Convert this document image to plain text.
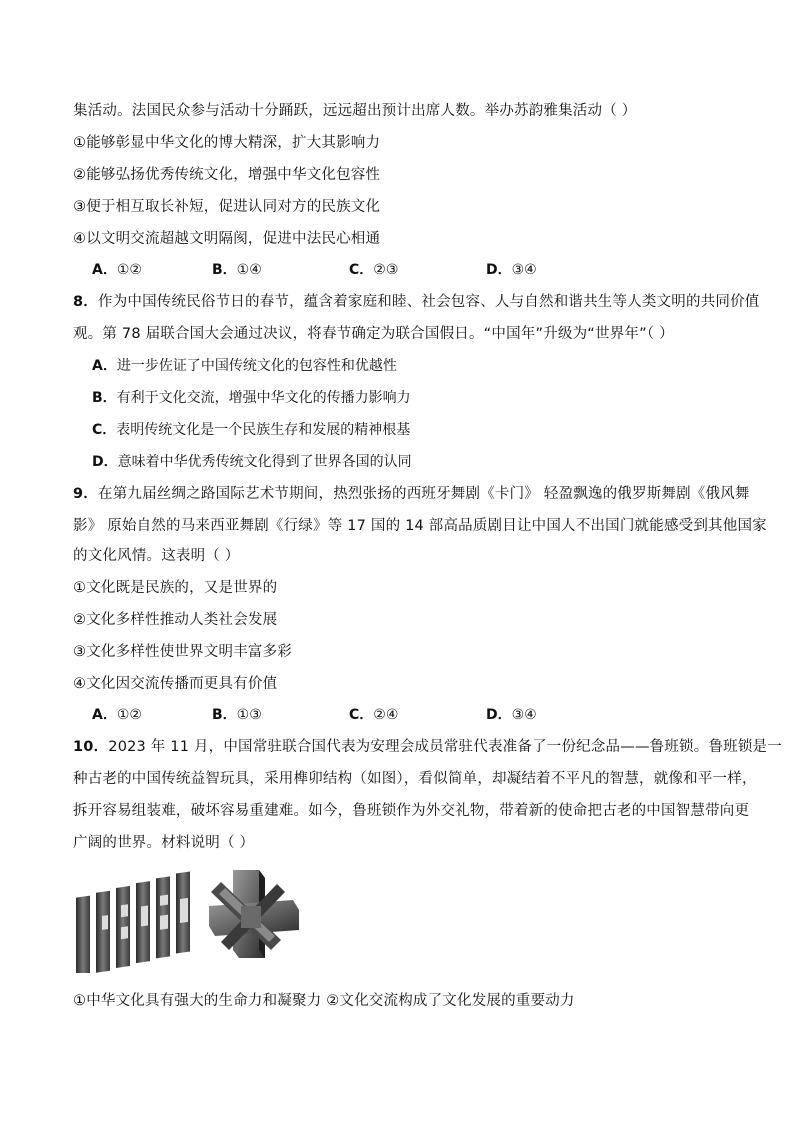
集活动。法国民众参与活动十分踊跃，远远超出预计出席人数。举办苏韵雅集活动（ ）
①能够彰显中华文化的博大精深，扩大其影响力
②能够弘扬优秀传统文化，增强中华文化包容性
③便于相互取长补短，促进认同对方的民族文化
④以文明交流超越文明隔阂，促进中法民心相通
A．①②	B．①④	C．②③	D．③④
8．作为中国传统民俗节日的春节，蕴含着家庭和睦、社会包容、人与自然和谐共生等人类文明的共同价值
观。第 78 届联合国大会通过决议，将春节确定为联合国假日。“中国年”升级为“世界年”（ ）
A．进一步佐证了中国传统文化的包容性和优越性
B．有利于文化交流，增强中华文化的传播力影响力
C．表明传统文化是一个民族生存和发展的精神根基
D．意味着中华优秀传统文化得到了世界各国的认同
9．在第九届丝绸之路国际艺术节期间，热烈张扬的西班牙舞剧《卡门》 轻盈飘逸的俄罗斯舞剧《俄风舞
影》 原始自然的马来西亚舞剧《行绿》等 17 国的 14 部高品质剧目让中国人不出国门就能感受到其他国家
的文化风情。这表明（ ）
①文化既是民族的，又是世界的
②文化多样性推动人类社会发展
③文化多样性使世界文明丰富多彩
④文化因交流传播而更具有价值
A．①②	B．①③	C．②④	D．③④
10．2023 年 11 月，中国常驻联合国代表为安理会成员常驻代表准备了一份纪念品——鲁班锁。鲁班锁是一
种古老的中国传统益智玩具，采用榫卯结构（如图），看似简单，却凝结着不平凡的智慧，就像和平一样，
拆开容易组装难，破坏容易重建难。如今，鲁班锁作为外交礼物，带着新的使命把古老的中国智慧带向更
广阔的世界。材料说明（ ）
①中华文化具有强大的生命力和凝聚力 ②文化交流构成了文化发展的重要动力
